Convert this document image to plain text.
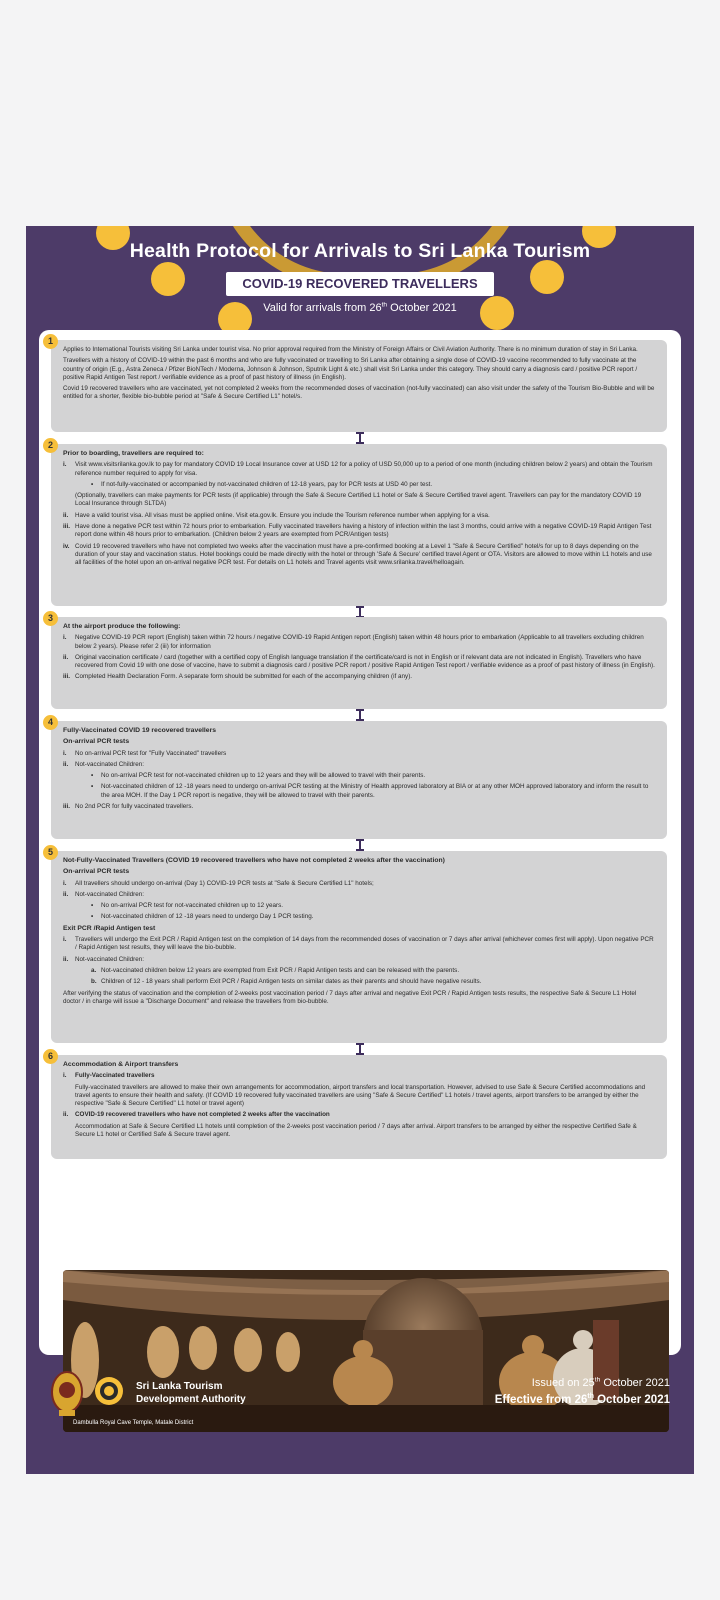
Health Protocol for Arrivals to Sri Lanka Tourism
COVID-19 RECOVERED TRAVELLERS
Valid for arrivals from 26th October 2021
1

Applies to International Tourists visiting Sri Lanka under tourist visa. No prior approval required from the Ministry of Foreign Affairs or Civil Aviation Authority. There is no minimum duration of stay in Sri Lanka.

Travellers with a history of COVID-19 within the past 6 months and who are fully vaccinated or travelling to Sri Lanka after obtaining a single dose of COVID-19 vaccine recommended to fully vaccinate at the country of origin (E.g., Astra Zeneca / Pfizer BioNTech / Moderna, Johnson & Johnson, Sputnik Light & etc.) shall visit Sri Lanka under this category. They should carry a diagnosis card / positive PCR report / positive Rapid Antigen Test report / verifiable evidence as a proof of past history of illness (in English).

Covid 19 recovered travellers who are vaccinated, yet not completed 2 weeks from the recommended doses of vaccination (not-fully vaccinated) can also visit under the safety of the Tourism Bio-Bubble and will be entitled for a shorter, flexible bio-bubble period at "Safe & Secure Certified L1" hotel/s.

2
Prior to boarding, travellers are required to:
i.	Visit www.visitsrilanka.gov.lk to pay for mandatory COVID 19 Local Insurance cover at USD 12 for a policy of USD 50,000 up to a period of one month (including children below 2 years) and obtain the Tourism reference number required to apply for visa.
•	If not-fully-vaccinated or accompanied by not-vaccinated children of 12-18 years, pay for PCR tests at USD 40 per test.
(Optionally, travellers can make payments for PCR tests (if applicable) through the Safe & Secure Certified L1 hotel or Safe & Secure Certified travel agent. Travellers can pay for the mandatory COVID 19 Local Insurance through SLTDA)
ii.	Have a valid tourist visa. All visas must be applied online. Visit eta.gov.lk. Ensure you include the Tourism reference number when applying for a visa.
iii. Have done a negative PCR test within 72 hours prior to embarkation. Fully vaccinated travellers having a history of infection within the last 3 months, could arrive with a negative COVID-19 Rapid Antigen Test report done within 48 hours prior to embarkation. (Children below 2 years are exempted from PCR/Antigen tests)
iv. Covid 19 recovered travellers who have not completed two weeks after the vaccination must have a pre-confirmed booking at a Level 1 "Safe & Secure Certified" hotel/s for up to 8 days depending on the duration of your stay and vaccination status. Hotel bookings could be made directly with the hotel or through 'Safe & Secure' certified travel Agent or OTA. Visitors are allowed to move within L1 hotels and use all facilities of the hotel upon an on-arrival negative PCR test. For details on L1 hotels and Travel agents visit www.srilanka.travel/helloagain.
3
At the airport produce the following:
i.	Negative COVID-19 PCR report (English) taken within 72 hours / negative COVID-19 Rapid Antigen report (English) taken within 48 hours prior to embarkation (Applicable to all travellers excluding children below 2 years). Please refer 2 (iii) for information
ii.	Original vaccination certificate / card (together with a certified copy of English language translation if the certificate/card is not in English or if relevant data are not indicated in English). Travellers who have recovered from Covid 19 with one dose of vaccine, have to submit a diagnosis card / positive PCR report / positive Rapid Antigen Test report / verifiable evidence as a proof of past history of illness (in English).
iii. Completed Health Declaration Form. A separate form should be submitted for each of the accompanying children (if any).
4
Fully-Vaccinated COVID 19 recovered travellers
On-arrival PCR tests
i.	No on-arrival PCR test for "Fully Vaccinated" travellers
ii.	Not-vaccinated Children:
•	No on-arrival PCR test for not-vaccinated children up to 12 years and they will be allowed to travel with their parents.
•	Not-vaccinated children of 12 -18 years need to undergo on-arrival PCR testing at the Ministry of Health approved laboratory at BIA or at any other MOH approved laboratory and inform the result to the area MOH. If the Day 1 PCR report is negative, they will be allowed to travel with their parents.
iii. No 2nd PCR for fully vaccinated travellers.
5
Not-Fully-Vaccinated Travellers (COVID 19 recovered travellers who have not completed 2 weeks after the vaccination)
On-arrival PCR tests
i.	All travellers should undergo on-arrival (Day 1) COVID-19 PCR tests at "Safe & Secure Certified L1" hotels;
ii.	Not-vaccinated Children:
•	No on-arrival PCR test for not-vaccinated children up to 12 years.
•	Not-vaccinated children of 12 -18 years need to undergo Day 1 PCR testing.
Exit PCR /Rapid Antigen test
i.	Travellers will undergo the Exit PCR / Rapid Antigen test on the completion of 14 days from the recommended doses of vaccination or 7 days after arrival (whichever comes first will apply). Upon negative PCR / Rapid Antigen test results, they will leave the bio-bubble.
ii.	Not-vaccinated Children:
a. Not-vaccinated children below 12 years are exempted from Exit PCR / Rapid Antigen tests and can be released with the parents.
b. Children of 12 - 18 years shall perform Exit PCR / Rapid Antigen tests on similar dates as their parents and should have negative results.
After verifying the status of vaccination and the completion of 2-weeks post vaccination period / 7 days after arrival and negative Exit PCR / Rapid Antigen tests results, the respective Safe & Secure L1 Hotel doctor / in charge will issue a "Discharge Document" and release the travellers from bio-bubble.
6
Accommodation & Airport transfers
i.	Fully-Vaccinated travellers
Fully-vaccinated travellers are allowed to make their own arrangements for accommodation, airport transfers and local transportation. However, advised to use Safe & Secure Certified accommodations and travel agents to ensure their health and safety. (If COVID 19 recovered fully vaccinated travellers are using "Safe & Secure Certified" L1 hotels / travel agents, airport transfers to be arranged by either the respective "Safe & Secure Certified" L1 hotel or travel agent)
ii.	COVID-19 recovered travellers who have not completed 2 weeks after the vaccination
Accommodation at Safe & Secure Certified L1 hotels until completion of the 2-weeks post vaccination period / 7 days after arrival. Airport transfers to be arranged by either the respective Certified Safe & Secure L1 hotel or Certified Safe & Secure travel agent.
Dambulla Royal Cave Temple, Matale District
Sri Lanka Tourism
Development Authority
Issued on 25th October 2021
Effective from 26th October 2021
